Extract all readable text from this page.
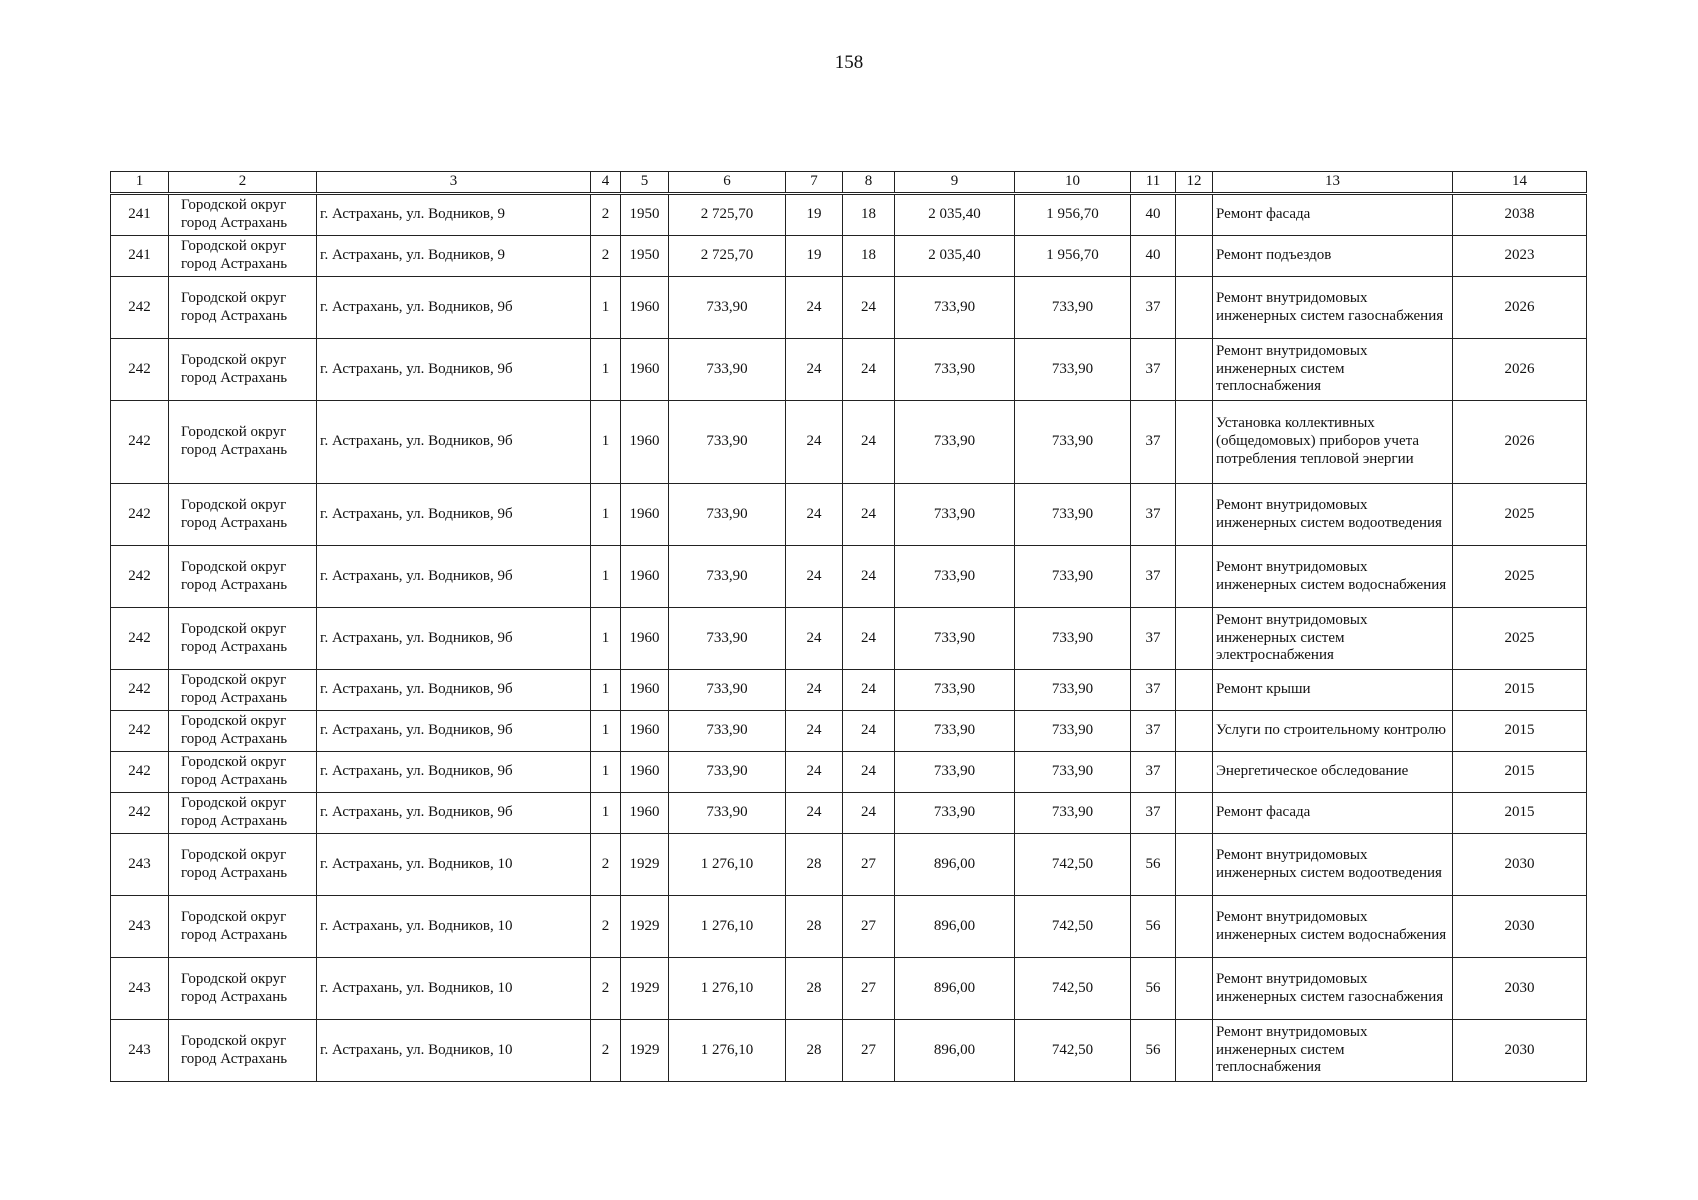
158
1	2	3	4	5	6	7	8	9	10	11	12	13	14
241	Городской округ город Астрахань	г. Астрахань, ул. Водников, 9	2	1950	2 725,70	19	18	2 035,40	1 956,70	40		Ремонт фасада	2038
241	Городской округ город Астрахань	г. Астрахань, ул. Водников, 9	2	1950	2 725,70	19	18	2 035,40	1 956,70	40		Ремонт подъездов	2023
242	Городской округ город Астрахань	г. Астрахань, ул. Водников, 9б	1	1960	733,90	24	24	733,90	733,90	37		Ремонт внутридомовых инженерных систем газоснабжения	2026
242	Городской округ город Астрахань	г. Астрахань, ул. Водников, 9б	1	1960	733,90	24	24	733,90	733,90	37		Ремонт внутридомовых инженерных систем теплоснабжения	2026
242	Городской округ город Астрахань	г. Астрахань, ул. Водников, 9б	1	1960	733,90	24	24	733,90	733,90	37		Установка коллективных (общедомовых) приборов учета потребления тепловой энергии	2026
242	Городской округ город Астрахань	г. Астрахань, ул. Водников, 9б	1	1960	733,90	24	24	733,90	733,90	37		Ремонт внутридомовых инженерных систем водоотведения	2025
242	Городской округ город Астрахань	г. Астрахань, ул. Водников, 9б	1	1960	733,90	24	24	733,90	733,90	37		Ремонт внутридомовых инженерных систем водоснабжения	2025
242	Городской округ город Астрахань	г. Астрахань, ул. Водников, 9б	1	1960	733,90	24	24	733,90	733,90	37		Ремонт внутридомовых инженерных систем электроснабжения	2025
242	Городской округ город Астрахань	г. Астрахань, ул. Водников, 9б	1	1960	733,90	24	24	733,90	733,90	37		Ремонт крыши	2015
242	Городской округ город Астрахань	г. Астрахань, ул. Водников, 9б	1	1960	733,90	24	24	733,90	733,90	37		Услуги по строительному контролю	2015
242	Городской округ город Астрахань	г. Астрахань, ул. Водников, 9б	1	1960	733,90	24	24	733,90	733,90	37		Энергетическое обследование	2015
242	Городской округ город Астрахань	г. Астрахань, ул. Водников, 9б	1	1960	733,90	24	24	733,90	733,90	37		Ремонт фасада	2015
243	Городской округ город Астрахань	г. Астрахань, ул. Водников, 10	2	1929	1 276,10	28	27	896,00	742,50	56		Ремонт внутридомовых инженерных систем водоотведения	2030
243	Городской округ город Астрахань	г. Астрахань, ул. Водников, 10	2	1929	1 276,10	28	27	896,00	742,50	56		Ремонт внутридомовых инженерных систем водоснабжения	2030
243	Городской округ город Астрахань	г. Астрахань, ул. Водников, 10	2	1929	1 276,10	28	27	896,00	742,50	56		Ремонт внутридомовых инженерных систем газоснабжения	2030
243	Городской округ город Астрахань	г. Астрахань, ул. Водников, 10	2	1929	1 276,10	28	27	896,00	742,50	56		Ремонт внутридомовых инженерных систем теплоснабжения	2030
